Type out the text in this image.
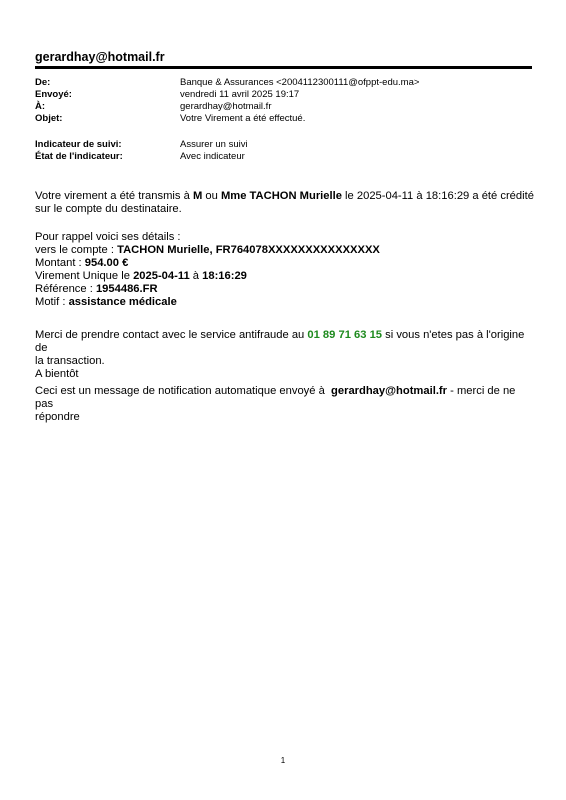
gerardhay@hotmail.fr
De:	Banque & Assurances <2004112300111@ofppt-edu.ma>
Envoyé:	vendredi 11 avril 2025 19:17
À:	gerardhay@hotmail.fr
Objet:	Votre Virement a été effectué.
Indicateur de suivi:	Assurer un suivi
État de l'indicateur:	Avec indicateur
Votre virement a été transmis à M ou Mme TACHON Murielle le 2025-04-11 à 18:16:29 a été crédité
sur le compte du destinataire.
Pour rappel voici ses détails :
vers le compte : TACHON Murielle, FR764078XXXXXXXXXXXXXXX
Montant : 954.00 €
Virement Unique le 2025-04-11 à 18:16:29
Référence : 1954486.FR
Motif : assistance médicale
Merci de prendre contact avec le service antifraude au 01 89 71 63 15 si vous n'etes pas à l'origine de
la transaction.
A bientôt
Ceci est un message de notification automatique envoyé à  gerardhay@hotmail.fr - merci de ne pas
répondre
1
